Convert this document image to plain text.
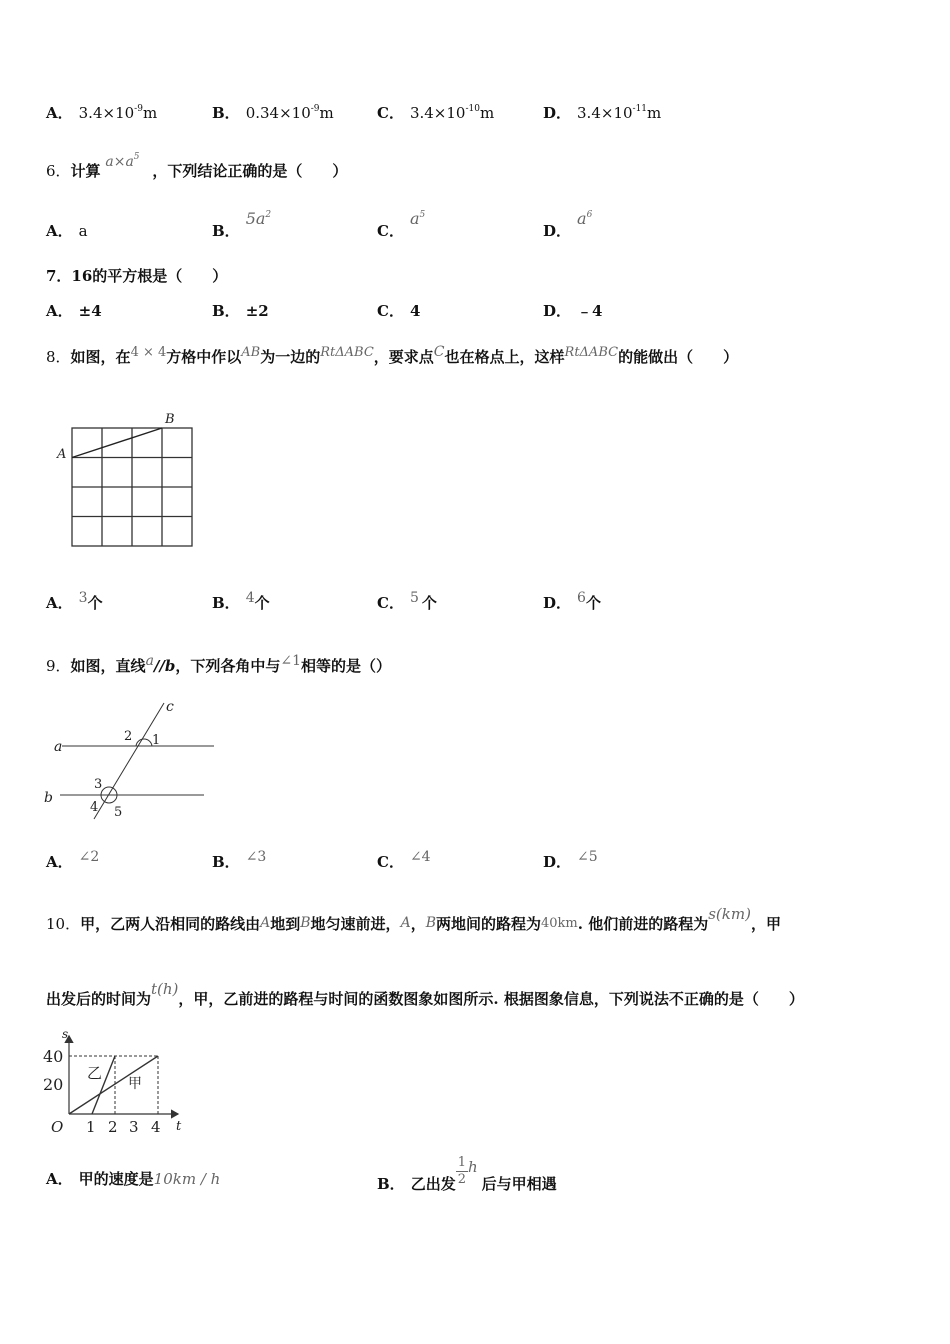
A． $3.4\times 10^{-9}m$	B． $0.34\times 10^{-9}m$	C． $3.4\times 10^{-10}m$	D． $3.4\times 10^{-11}m$
6．计算 $a\times a^5$ ，下列结论正确的是（　　）
A． a	B．$5a^2$
C．$a^5$
D．$a^6$
7．16的平方根是（　　）
A． ±4	B． ±2	C． 4	D． ﹣4
8．如图，在4 × 4方格中作以AB为一边的RtΔABC，要求点C也在格点上，这样RtΔABC的能做出（　　）
A
B
A． 3个	B． 4个	C． 5 个	D． 6个
9．如图，直线a//b，下列各角中与∠1相等的是（）
a
b
c
1
2
3
4 5
A． ∠2	B． ∠3	C． ∠4	D． ∠5
10．甲，乙两人沿相同的路线由A地到B地匀速前进，A，B两地间的路程为40km. 他们前进的路程为s(km)，甲
出发后的时间为t(h)，甲，乙前进的路程与时间的函数图象如图所示. 根据图象信息，下列说法不正确的是（　　）
s
t
O
40
20
1 2 3 4
乙
甲
A． 甲的速度是10km / h	B． 乙出发 $\frac{1}{2}$ h后与甲相遇
